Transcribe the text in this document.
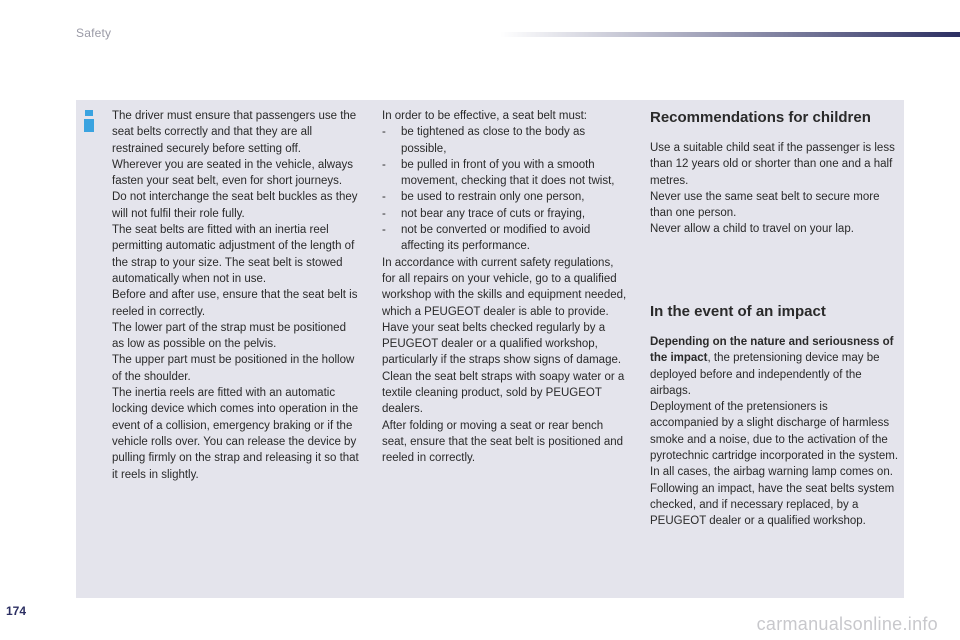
Safety

The driver must ensure that passengers use the seat belts correctly and that they are all restrained securely before setting off.

Wherever you are seated in the vehicle, always fasten your seat belt, even for short journeys.

Do not interchange the seat belt buckles as they will not fulfil their role fully.

The seat belts are fitted with an inertia reel permitting automatic adjustment of the length of the strap to your size. The seat belt is stowed automatically when not in use.

Before and after use, ensure that the seat belt is reeled in correctly.

The lower part of the strap must be positioned as low as possible on the pelvis.

The upper part must be positioned in the hollow of the shoulder.

The inertia reels are fitted with an automatic locking device which comes into operation in the event of a collision, emergency braking or if the vehicle rolls over. You can release the device by pulling firmly on the strap and releasing it so that it reels in slightly.

In order to be effective, a seat belt must:

- be tightened as close to the body as possible,
- be pulled in front of you with a smooth movement, checking that it does not twist,
- be used to restrain only one person,
- not bear any trace of cuts or fraying,
- not be converted or modified to avoid affecting its performance.

In accordance with current safety regulations, for all repairs on your vehicle, go to a qualified workshop with the skills and equipment needed, which a PEUGEOT dealer is able to provide.

Have your seat belts checked regularly by a PEUGEOT dealer or a qualified workshop, particularly if the straps show signs of damage.

Clean the seat belt straps with soapy water or a textile cleaning product, sold by PEUGEOT dealers.

After folding or moving a seat or rear bench seat, ensure that the seat belt is positioned and reeled in correctly.

Recommendations for children

Use a suitable child seat if the passenger is less than 12 years old or shorter than one and a half metres.

Never use the same seat belt to secure more than one person.

Never allow a child to travel on your lap.

In the event of an impact

Depending on the nature and seriousness of the impact, the pretensioning device may be deployed before and independently of the airbags.

Deployment of the pretensioners is accompanied by a slight discharge of harmless smoke and a noise, due to the activation of the pyrotechnic cartridge incorporated in the system.

In all cases, the airbag warning lamp comes on.

Following an impact, have the seat belts system checked, and if necessary replaced, by a PEUGEOT dealer or a qualified workshop.

174
carmanualsonline.info
